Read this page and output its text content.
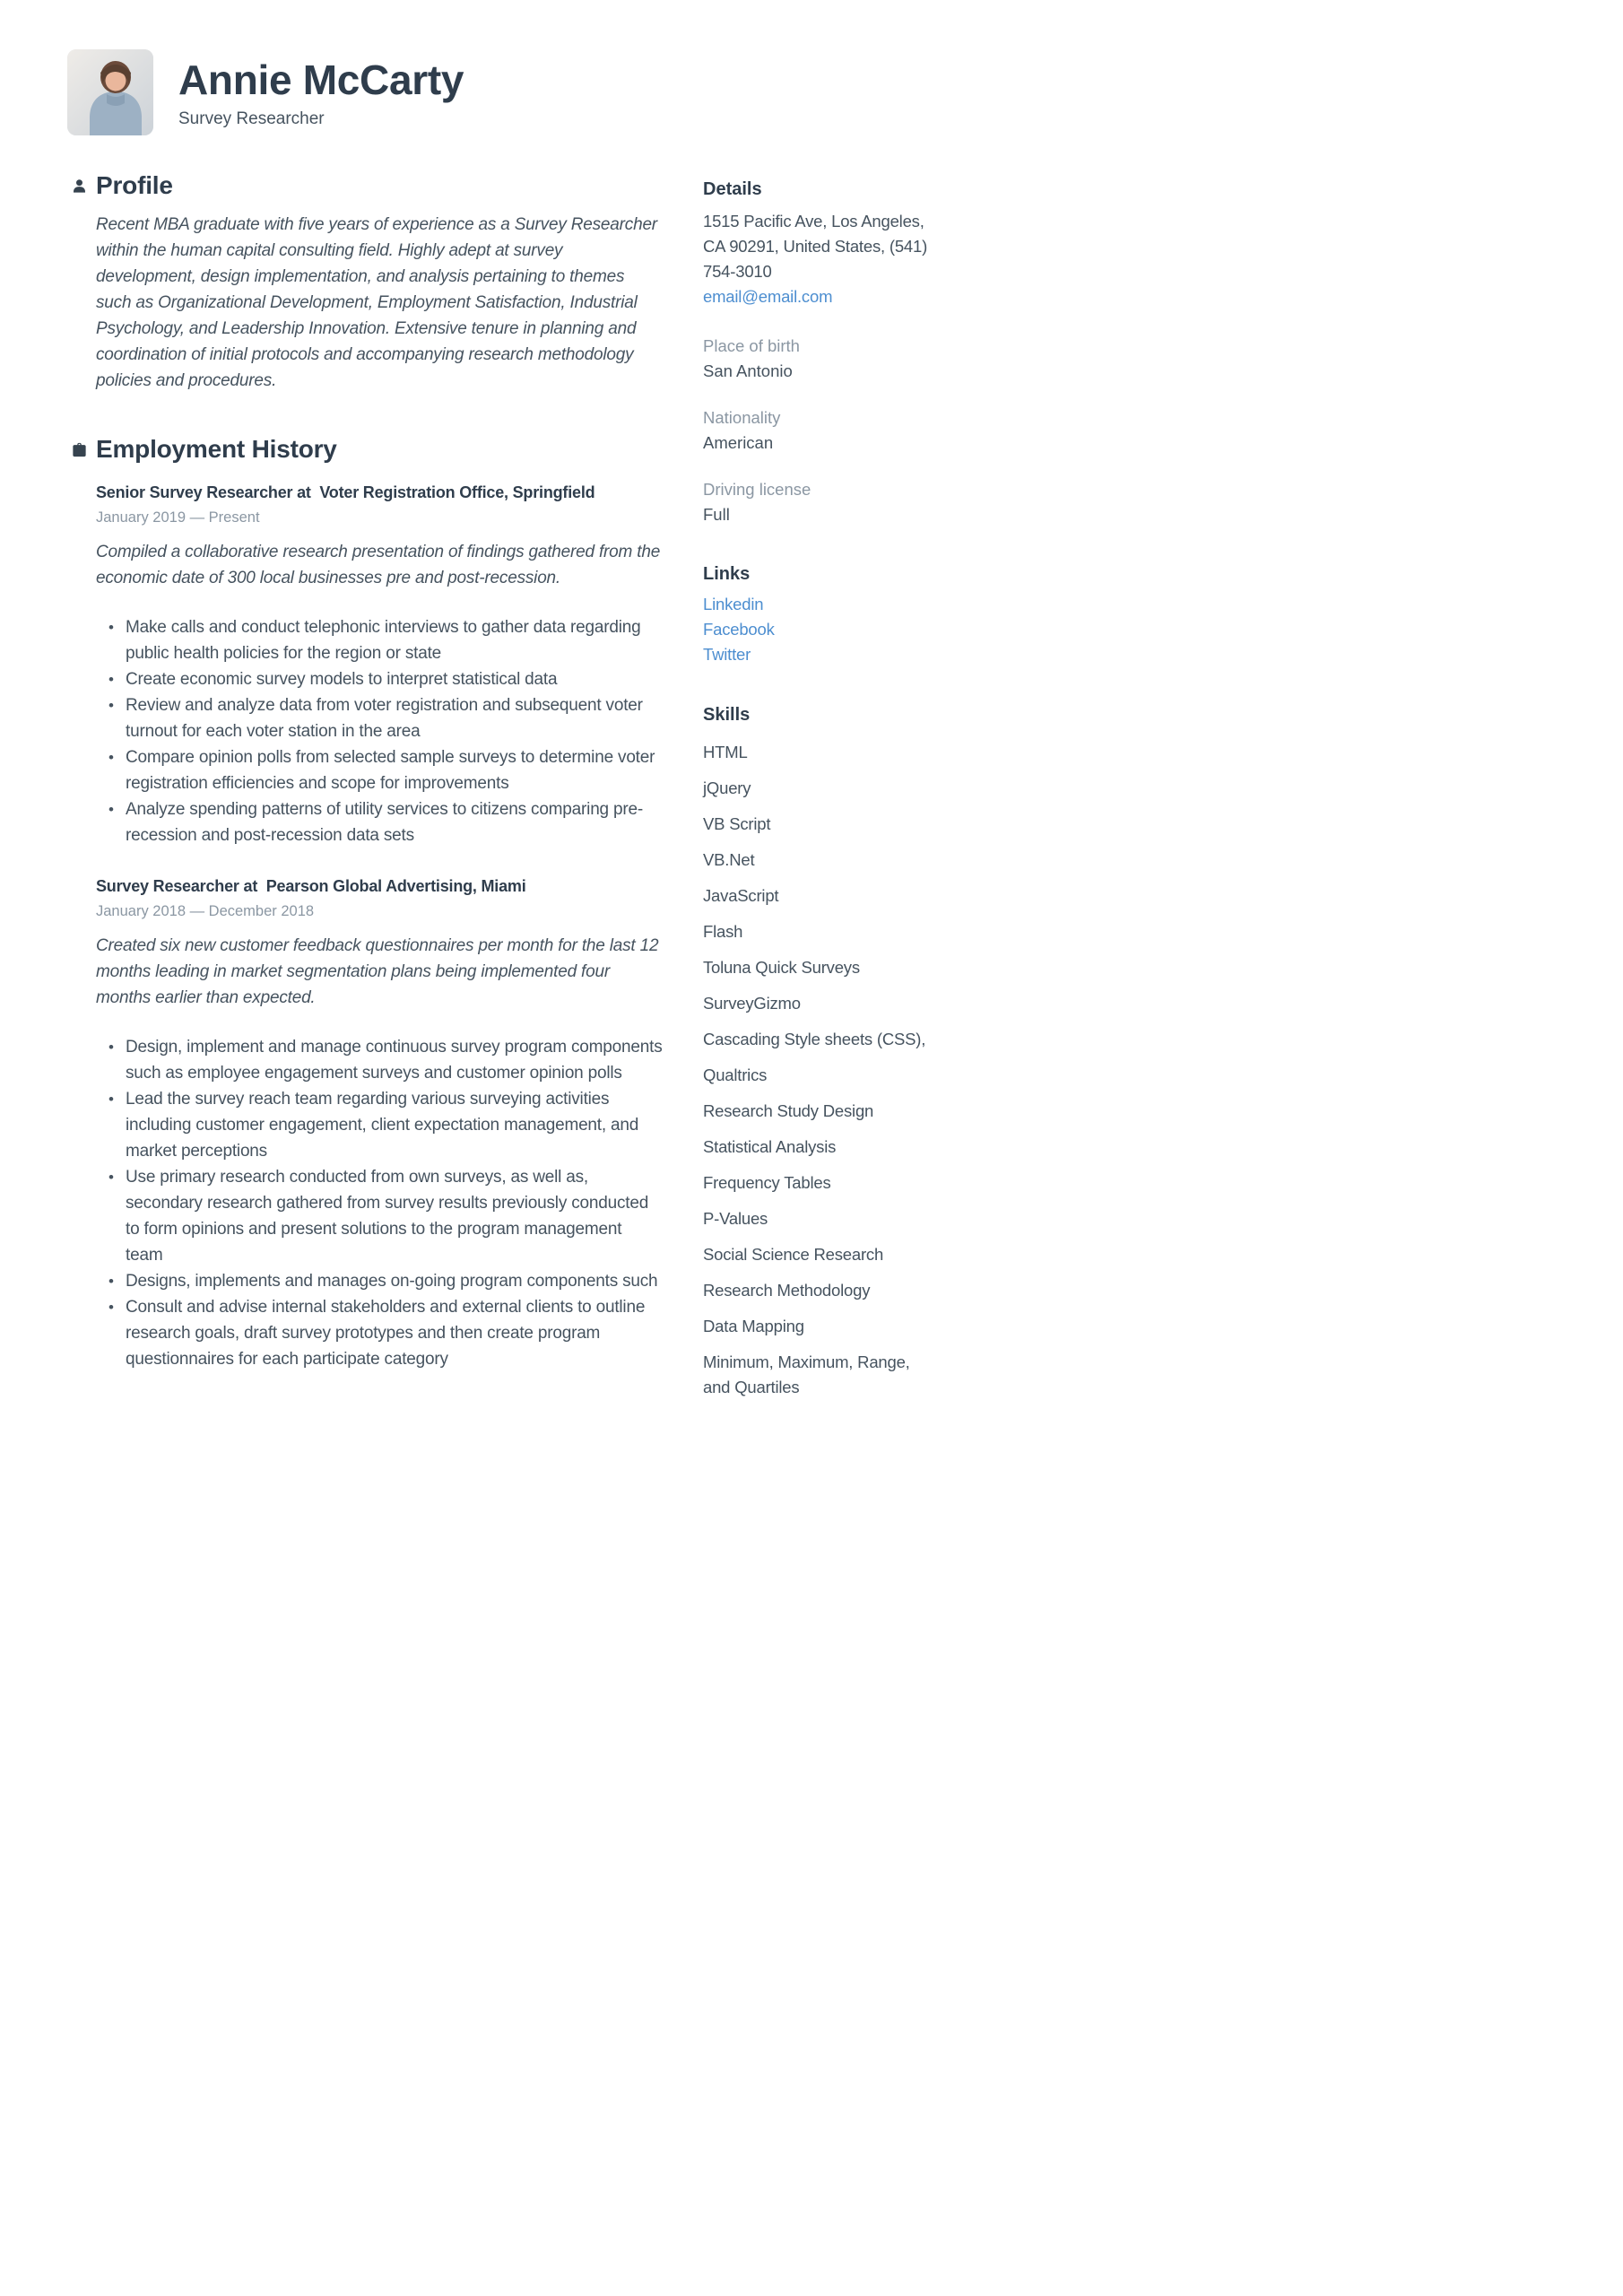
Annie McCarty
Survey Researcher
Profile

Recent MBA graduate with five years of experience as a Survey Researcher within the human capital consulting field. Highly adept at survey development, design implementation, and analysis pertaining to themes such as Organizational Development, Employment Satisfaction, Industrial Psychology, and Leadership Innovation. Extensive tenure in planning and coordination of initial protocols and accompanying research methodology policies and procedures.

Employment History
Senior Survey Researcher at  Voter Registration Office, Springfield
January 2019 — Present

Compiled a collaborative research presentation of findings gathered from the economic date of 300 local businesses pre and post-recession.

• Make calls and conduct telephonic interviews to gather data regarding public health policies for the region or state
• Create economic survey models to interpret statistical data
• Review and analyze data from voter registration and subsequent voter turnout for each voter station in the area
• Compare opinion polls from selected sample surveys to determine voter registration efficiencies and scope for improvements
• Analyze spending patterns of utility services to citizens comparing pre-recession and post-recession data sets
Survey Researcher at  Pearson Global Advertising, Miami
January 2018 — December 2018

Created six new customer feedback questionnaires per month for the last 12 months leading in market segmentation plans being implemented four months earlier than expected.

• Design, implement and manage continuous survey program components such as employee engagement surveys and customer opinion polls
• Lead the survey reach team regarding various surveying activities including customer engagement, client expectation management, and market perceptions
• Use primary research conducted from own surveys, as well as, secondary research gathered from survey results previously conducted to form opinions and present solutions to the program management team
• Designs, implements and manages on-going program components such
• Consult and advise internal stakeholders and external clients to outline research goals, draft survey prototypes and then create program questionnaires for each participate category
Details

1515 Pacific Ave, Los Angeles, CA 90291, United States, (541) 754-3010

email@email.com
Place of birth
San Antonio
Nationality
American
Driving license
Full
Links
Linkedin
Facebook
Twitter
Skills
HTML
jQuery
VB Script
VB.Net
JavaScript
Flash
Toluna Quick Surveys
SurveyGizmo
Cascading Style sheets (CSS),
Qualtrics
Research Study Design
Statistical Analysis
Frequency Tables
P-Values
Social Science Research
Research Methodology
Data Mapping
Minimum, Maximum, Range, and Quartiles
